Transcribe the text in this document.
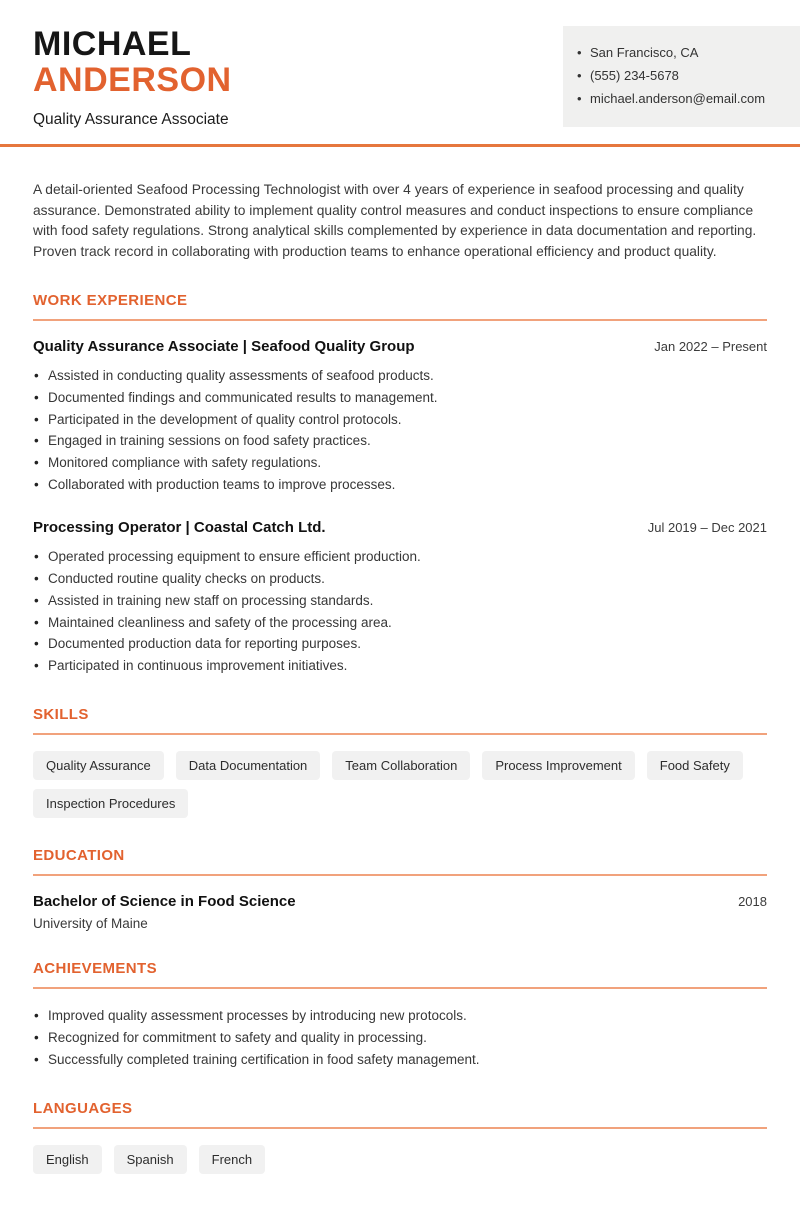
MICHAEL
ANDERSON
Quality Assurance Associate
• San Francisco, CA
• (555) 234-5678
• michael.anderson@email.com

A detail-oriented Seafood Processing Technologist with over 4 years of experience in seafood processing and quality assurance. Demonstrated ability to implement quality control measures and conduct inspections to ensure compliance with food safety regulations. Strong analytical skills complemented by experience in data documentation and reporting. Proven track record in collaborating with production teams to enhance operational efficiency and product quality.

WORK EXPERIENCE
Quality Assurance Associate | Seafood Quality Group	Jan 2022 – Present
• Assisted in conducting quality assessments of seafood products.
• Documented findings and communicated results to management.
• Participated in the development of quality control protocols.
• Engaged in training sessions on food safety practices.
• Monitored compliance with safety regulations.
• Collaborated with production teams to improve processes.
Processing Operator | Coastal Catch Ltd.	Jul 2019 – Dec 2021
• Operated processing equipment to ensure efficient production.
• Conducted routine quality checks on products.
• Assisted in training new staff on processing standards.
• Maintained cleanliness and safety of the processing area.
• Documented production data for reporting purposes.
• Participated in continuous improvement initiatives.
SKILLS
Quality Assurance	Data Documentation	Team Collaboration	Process Improvement	Food Safety
Inspection Procedures
EDUCATION
Bachelor of Science in Food Science	2018
University of Maine
ACHIEVEMENTS
• Improved quality assessment processes by introducing new protocols.
• Recognized for commitment to safety and quality in processing.
• Successfully completed training certification in food safety management.
LANGUAGES
English	Spanish	French
